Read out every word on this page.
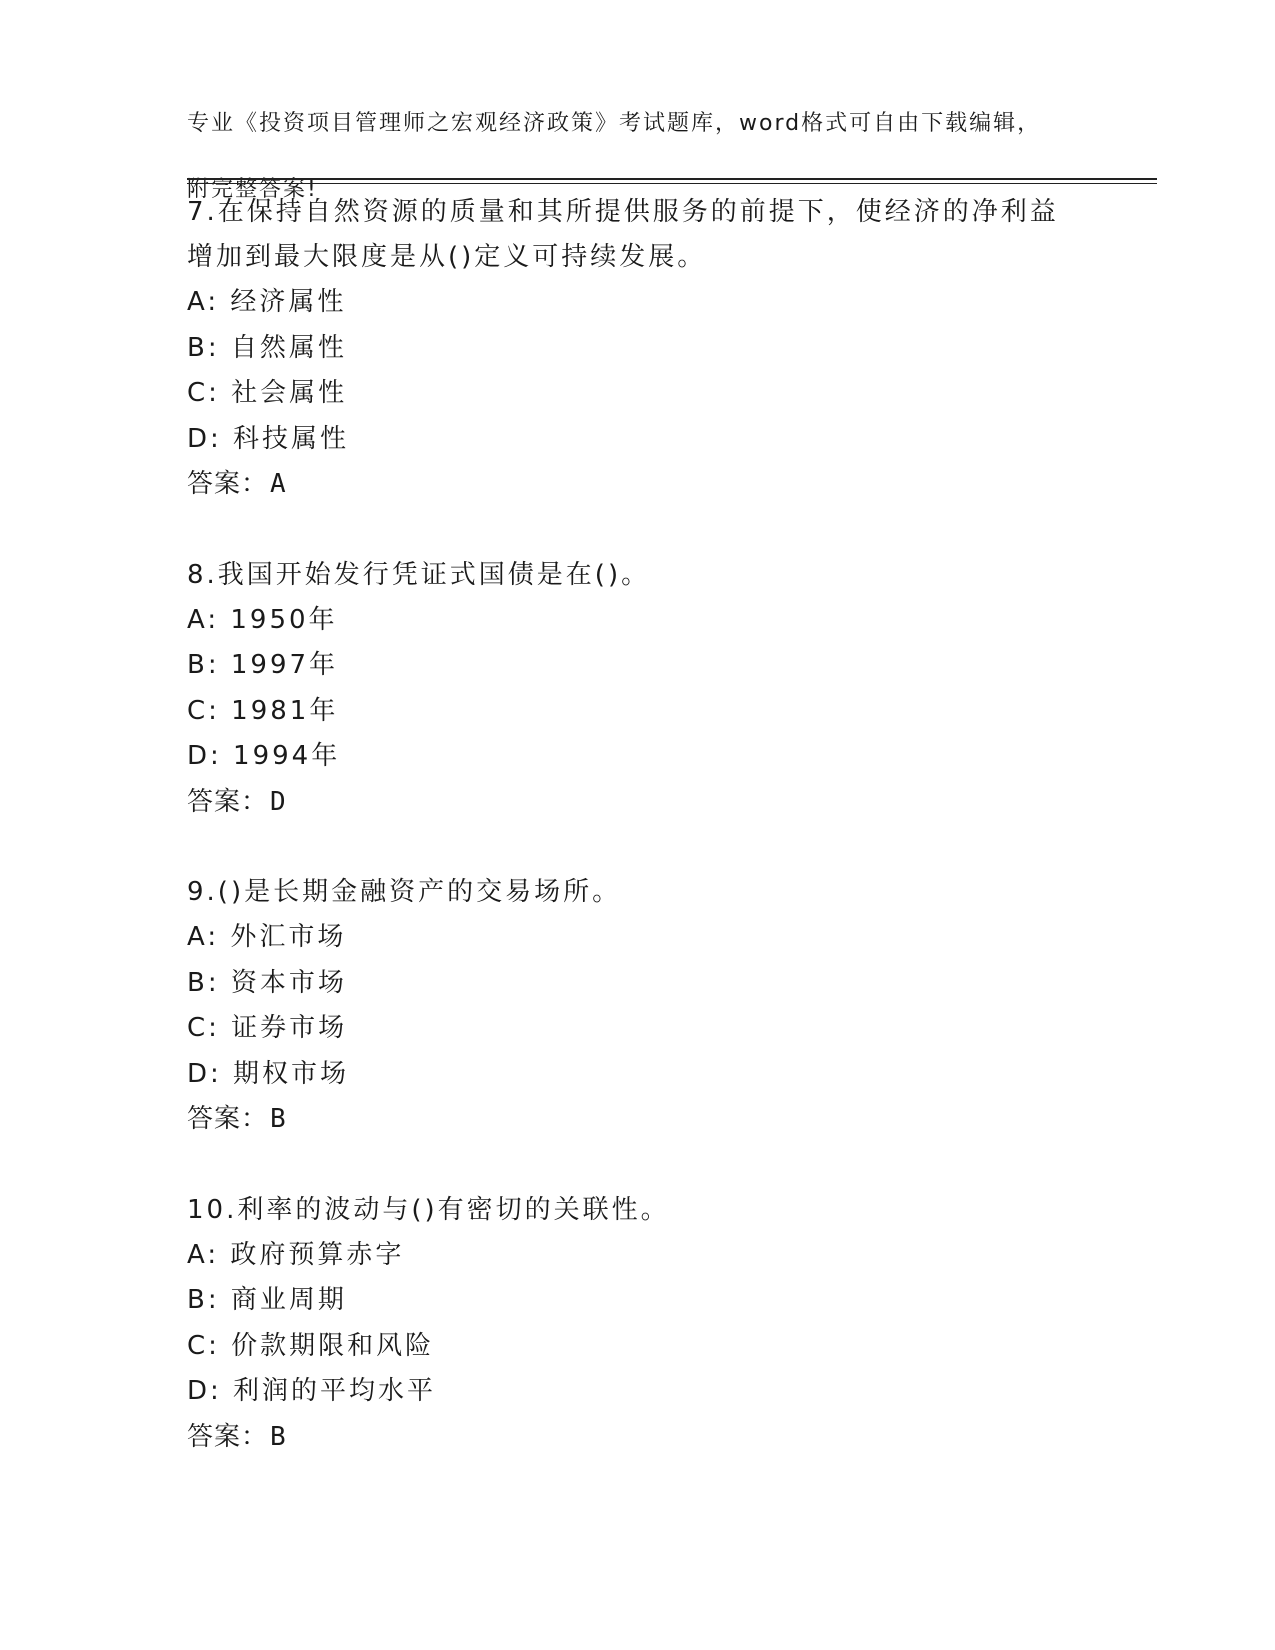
专业《投资项目管理师之宏观经济政策》考试题库，word格式可自由下载编辑，

附完整答案!

7.在保持自然资源的质量和其所提供服务的前提下，使经济的净利益

增加到最大限度是从()定义可持续发展。

A: 经济属性

B: 自然属性

C: 社会属性

D: 科技属性

答案：A

8.我国开始发行凭证式国债是在()。

A: 1950年

B: 1997年

C: 1981年

D: 1994年

答案：D

9.()是长期金融资产的交易场所。

A: 外汇市场

B: 资本市场

C: 证券市场

D: 期权市场

答案：B

10.利率的波动与()有密切的关联性。

A: 政府预算赤字

B: 商业周期

C: 价款期限和风险

D: 利润的平均水平

答案：B
